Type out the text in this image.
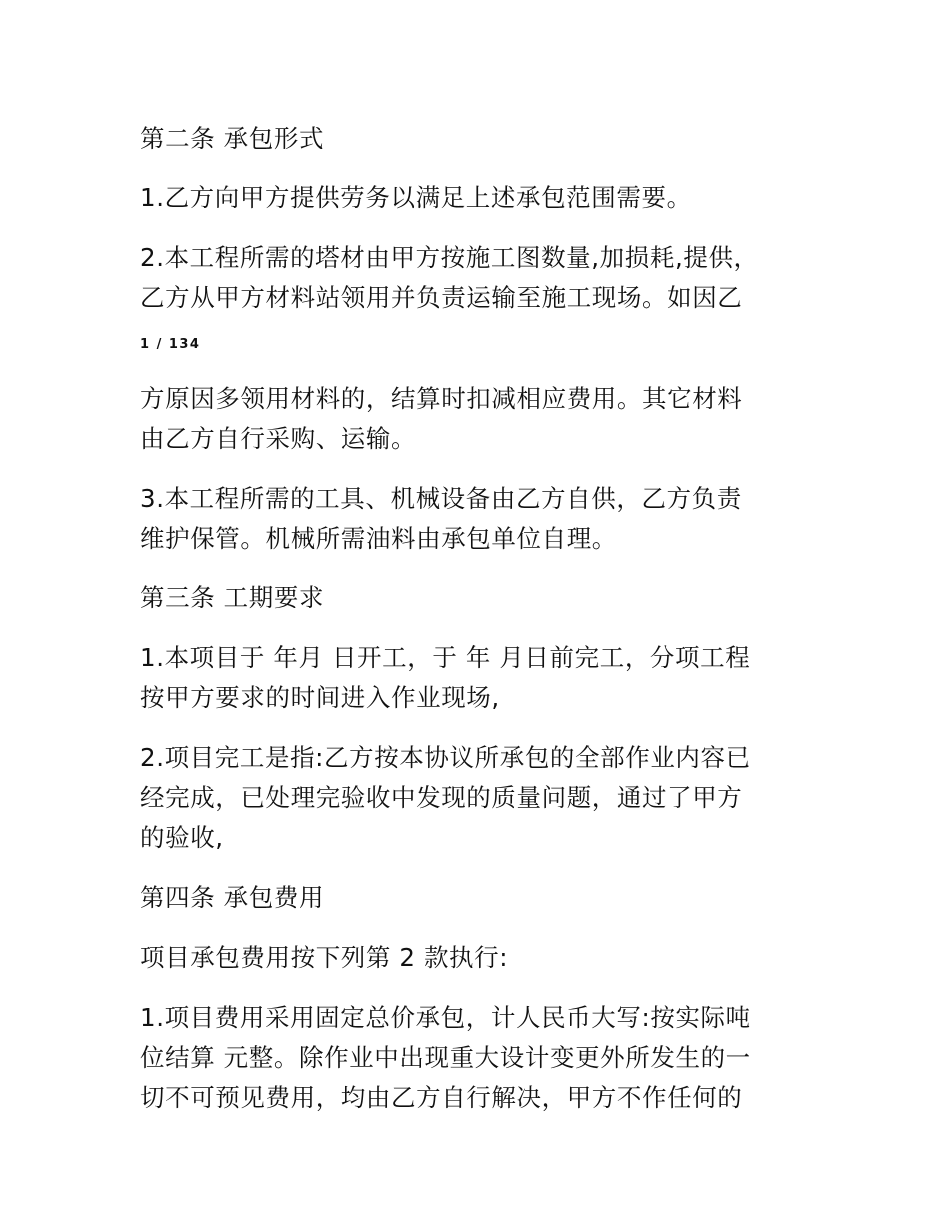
第二条 承包形式
1.乙方向甲方提供劳务以满足上述承包范围需要。
2.本工程所需的塔材由甲方按施工图数量,加损耗,提供，
乙方从甲方材料站领用并负责运输至施工现场。如因乙
1 / 134
方原因多领用材料的，结算时扣减相应费用。其它材料
由乙方自行采购、运输。
3.本工程所需的工具、机械设备由乙方自供，乙方负责
维护保管。机械所需油料由承包单位自理。
第三条 工期要求
1.本项目于 年月 日开工，于 年 月日前完工，分项工程
按甲方要求的时间进入作业现场,
2.项目完工是指:乙方按本协议所承包的全部作业内容已
经完成，已处理完验收中发现的质量问题，通过了甲方
的验收,
第四条 承包费用
项目承包费用按下列第 2 款执行:
1.项目费用采用固定总价承包，计人民币大写:按实际吨
位结算 元整。除作业中出现重大设计变更外所发生的一
切不可预见费用，均由乙方自行解决，甲方不作任何的
